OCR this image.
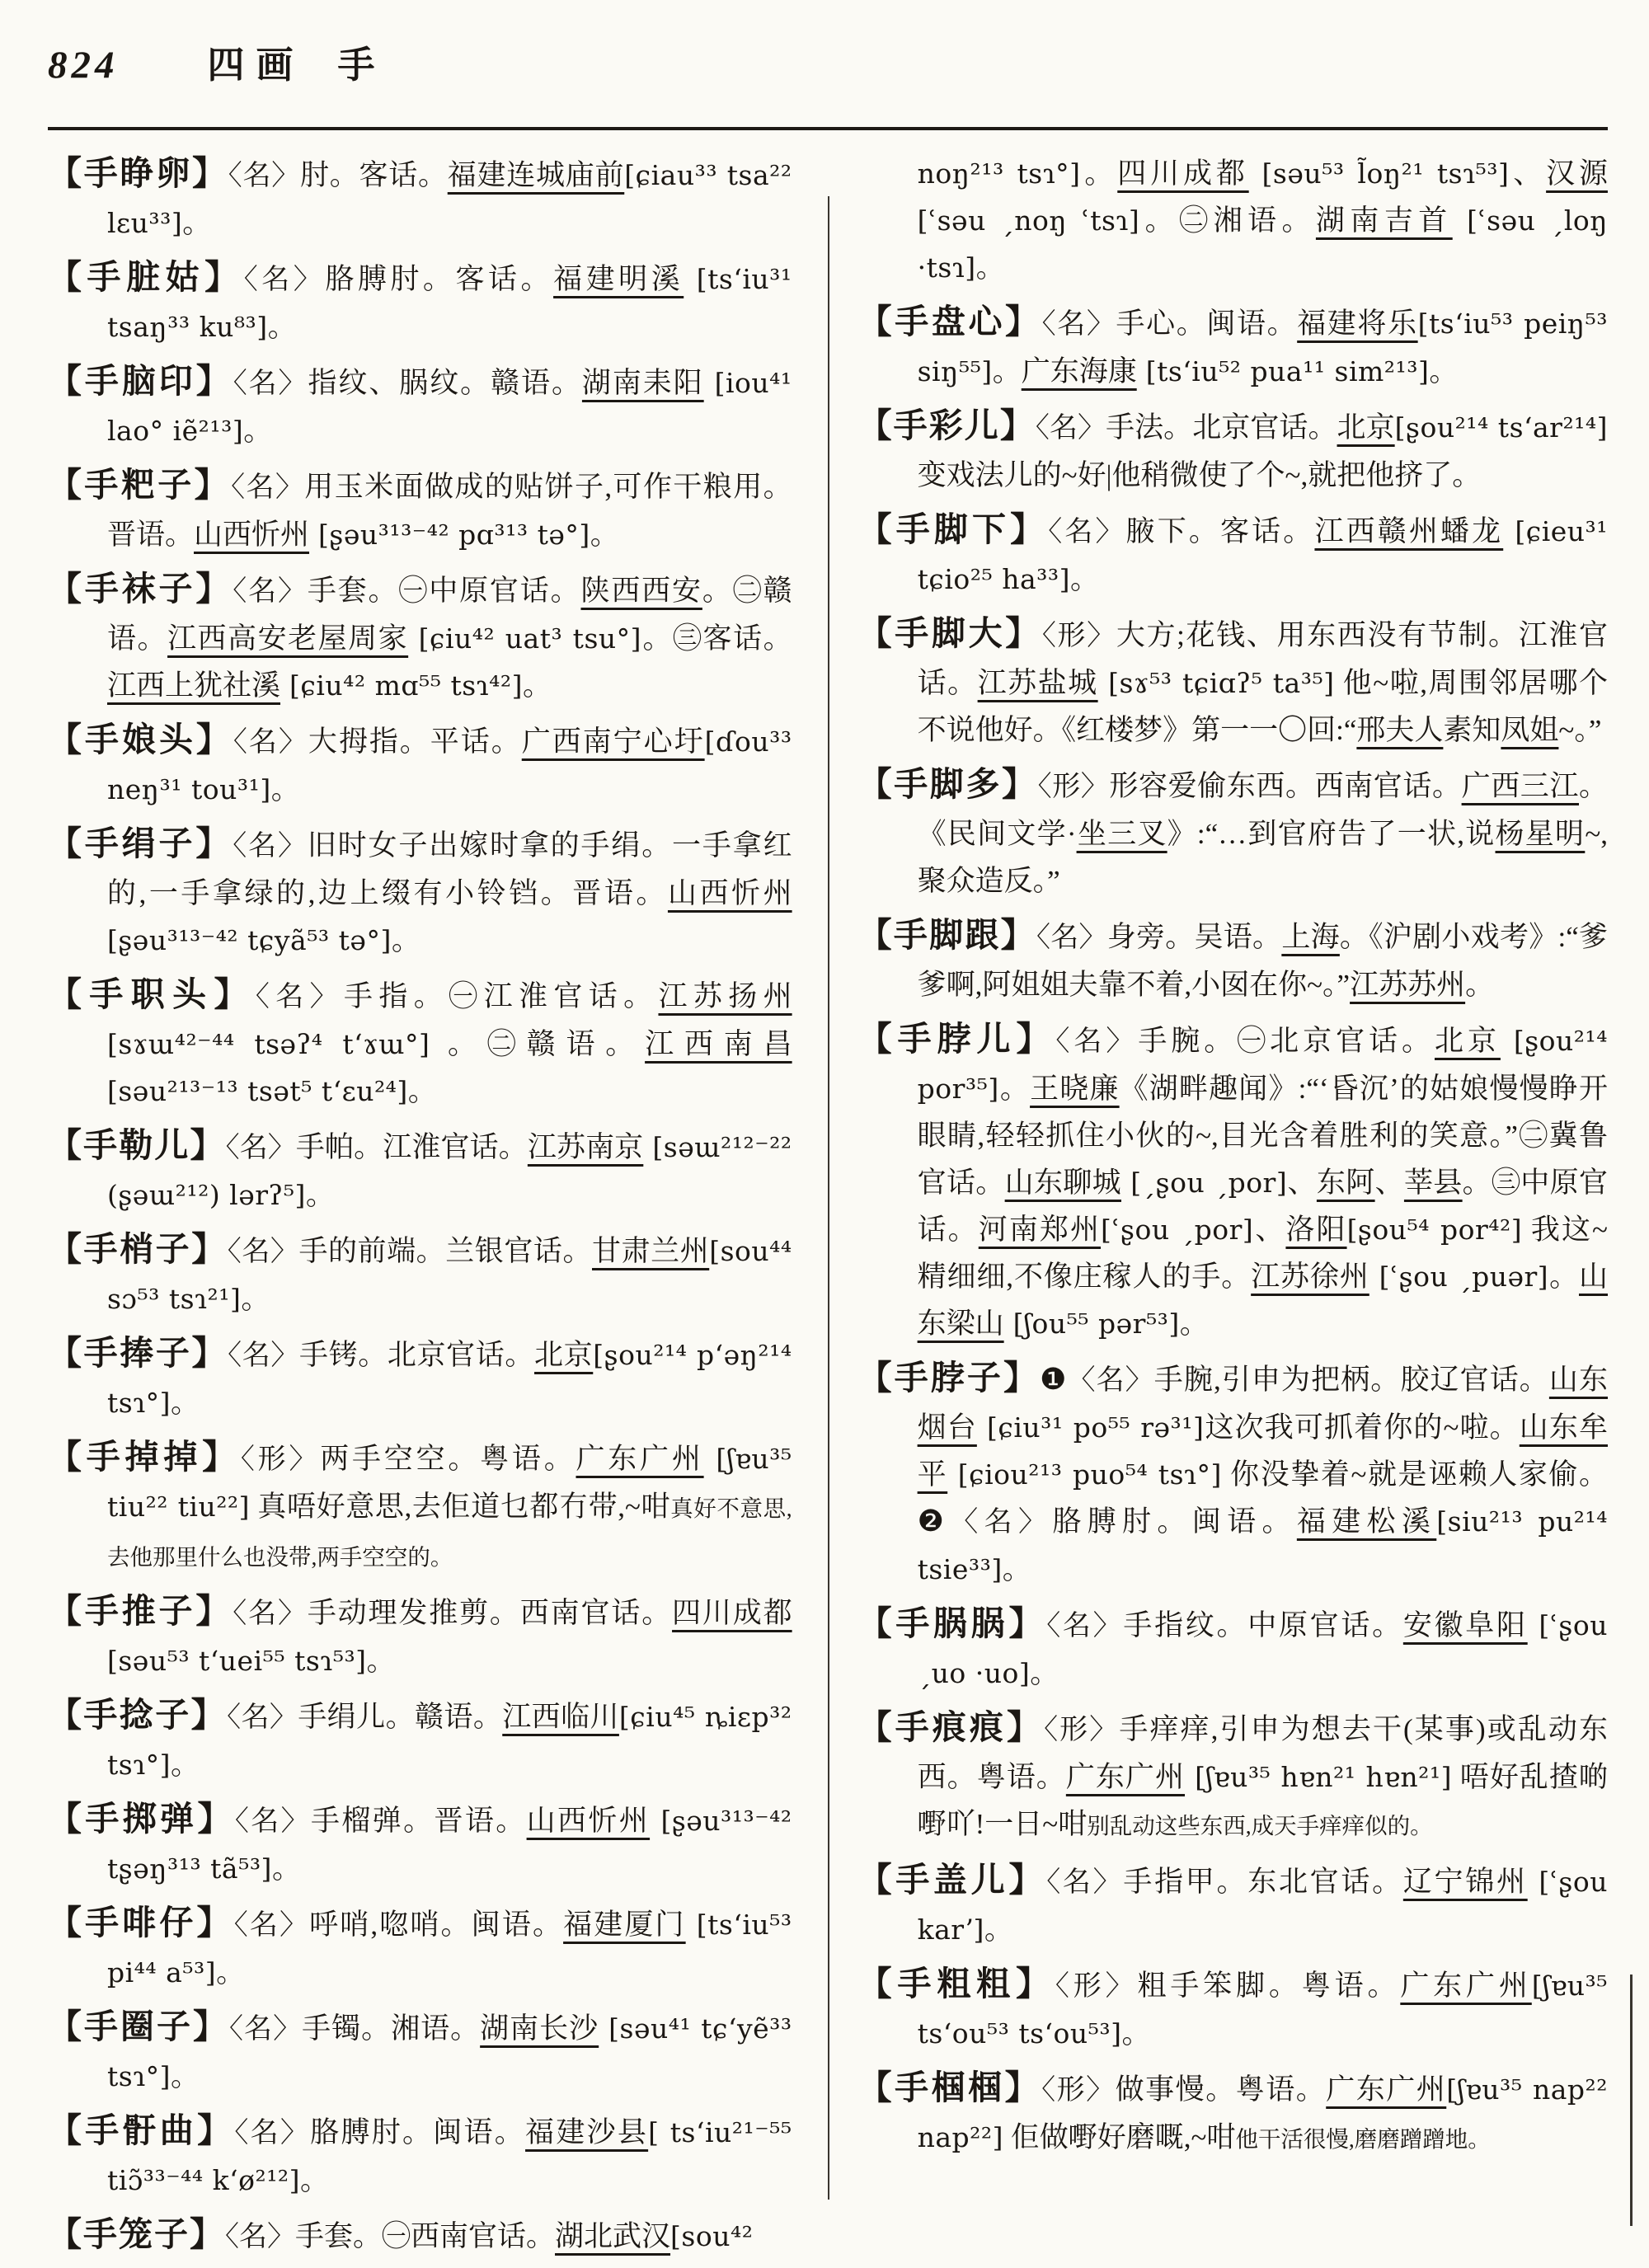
824 四画 手
【手睁卵】〈名〉肘。客话。福建连城庙前[ɕiau³³ tsa²² lɛu³³]。
【手脏姑】〈名〉胳膊肘。客话。福建明溪 [tsʻiu³¹ tsaŋ³³ ku⁸³]。
【手脑印】〈名〉指纹、脶纹。赣语。湖南耒阳 [iou⁴¹ lao° iẽ²¹³]。
【手粑子】〈名〉用玉米面做成的贴饼子,可作干粮用。晋语。山西忻州 [ʂəu³¹³⁻⁴² pɑ³¹³ tə°]。
【手袜子】〈名〉手套。㊀中原官话。陕西西安。㊁赣语。江西高安老屋周家 [ɕiu⁴² uat³ tsu°]。㊂客话。江西上犹社溪 [ɕiu⁴² mɑ⁵⁵ tsɿ⁴²]。
【手娘头】〈名〉大拇指。平话。广西南宁心圩[ɗou³³ neŋ³¹ tou³¹]。
【手绢子】〈名〉旧时女子出嫁时拿的手绢。一手拿红的,一手拿绿的,边上缀有小铃铛。晋语。山西忻州 [ʂəu³¹³⁻⁴² tɕyã⁵³ tə°]。
【手职头】〈名〉手指。㊀江淮官话。江苏扬州[sɤɯ⁴²⁻⁴⁴ tsəʔ⁴ tʻɤɯ°] 。㊁赣语。江西南昌[səu²¹³⁻¹³ tsət⁵ tʻɛu²⁴]。
【手勒儿】〈名〉手帕。江淮官话。江苏南京 [səɯ²¹²⁻²² (ʂəɯ²¹²) lərʔ⁵]。
【手梢子】〈名〉手的前端。兰银官话。甘肃兰州[sou⁴⁴ sɔ⁵³ tsɿ²¹]。
【手捧子】〈名〉手铐。北京官话。北京[ʂou²¹⁴ pʻəŋ²¹⁴ tsɿ°]。
【手掉掉】〈形〉两手空空。粤语。广东广州 [ʃɐu³⁵ tiu²² tiu²²] 真唔好意思,去佢道乜都冇带,~咁真好不意思,去他那里什么也没带,两手空空的。
【手推子】〈名〉手动理发推剪。西南官话。四川成都 [səu⁵³ tʻuei⁵⁵ tsɿ⁵³]。
【手捻子】〈名〉手绢儿。赣语。江西临川[ɕiu⁴⁵ ȵiɛp³² tsɿ°]。
【手掷弹】〈名〉手榴弹。晋语。山西忻州 [ʂəu³¹³⁻⁴² tʂəŋ³¹³ tã⁵³]。
【手啡仔】〈名〉呼哨,唿哨。闽语。福建厦门 [tsʻiu⁵³ pi⁴⁴ a⁵³]。
【手圈子】〈名〉手镯。湘语。湖南长沙 [səu⁴¹ tɕʻyẽ³³ tsɿ°]。
【手骬曲】〈名〉胳膊肘。闽语。福建沙县[ tsʻiu²¹⁻⁵⁵ tiɔ̃³³⁻⁴⁴ kʻø²¹²]。
【手笼子】〈名〉手套。㊀西南官话。湖北武汉[sou⁴²
noŋ²¹³ tsɿ°]。四川成都 [səu⁵³ l̃oŋ²¹ tsɿ⁵³]、汉源 [ʿsəu ˏnoŋ ʿtsɿ]。㊁湘语。湖南吉首 [ʿsəu ˏloŋ ·tsɿ]。
【手盘心】〈名〉手心。闽语。福建将乐[tsʻiu⁵³ peiŋ⁵³ siŋ⁵⁵]。广东海康 [tsʻiu⁵² pua¹¹ sim²¹³]。
【手彩儿】〈名〉手法。北京官话。北京[ʂou²¹⁴ tsʻar²¹⁴] 变戏法儿的~好|他稍微使了个~,就把他挤了。
【手脚下】〈名〉腋下。客话。江西赣州蟠龙 [ɕieu³¹ tɕio²⁵ ha³³]。
【手脚大】〈形〉大方;花钱、用东西没有节制。江淮官话。江苏盐城 [sɤ⁵³ tɕiɑʔ⁵ ta³⁵] 他~啦,周围邻居哪个不说他好。《红楼梦》第一一〇回:“邢夫人素知凤姐~。”
【手脚多】〈形〉形容爱偷东西。西南官话。广西三江。《民间文学·坐三叉》:“…到官府告了一状,说杨星明~,聚众造反。”
【手脚跟】〈名〉身旁。吴语。上海。《沪剧小戏考》:“爹爹啊,阿姐姐夫靠不着,小囡在你~。”江苏苏州。
【手脖儿】〈名〉手腕。㊀北京官话。北京 [ʂou²¹⁴ por³⁵]。王晓廉《湖畔趣闻》:“‘昏沉’的姑娘慢慢睁开眼睛,轻轻抓住小伙的~,目光含着胜利的笑意。”㊁冀鲁官话。山东聊城 [ˏʂou ˏpor]、东阿、莘县。㊂中原官话。河南郑州[ʿʂou ˏpor]、洛阳[ʂou⁵⁴ por⁴²] 我这~精细细,不像庄稼人的手。江苏徐州 [ʿʂou ˏpuər]。山东梁山 [ʃou⁵⁵ pər⁵³]。
【手脖子】❶〈名〉手腕,引申为把柄。胶辽官话。山东烟台 [ɕiu³¹ po⁵⁵ rə³¹]这次我可抓着你的~啦。山东牟平 [ɕiou²¹³ puo⁵⁴ tsɿ°] 你没挚着~就是诬赖人家偷。❷〈名〉胳膊肘。闽语。福建松溪[siu²¹³ pu²¹⁴ tsie³³]。
【手脶脶】〈名〉手指纹。中原官话。安徽阜阳 [ʿʂou ˏuo ·uo]。
【手痕痕】〈形〉手痒痒,引申为想去干(某事)或乱动东西。粤语。广东广州 [ʃɐu³⁵ hɐn²¹ hɐn²¹] 唔好乱揸啲嘢吖!一日~咁别乱动这些东西,成天手痒痒似的。
【手盖儿】〈名〉手指甲。东北官话。辽宁锦州 [ʿʂou karʼ]。
【手粗粗】〈形〉粗手笨脚。粤语。广东广州[ʃɐu³⁵ tsʻou⁵³ tsʻou⁵³]。
【手椢椢】〈形〉做事慢。粤语。广东广州[ʃɐu³⁵ nap²² nap²²] 佢做嘢好磨嘅,~咁他干活很慢,磨磨蹭蹭地。
